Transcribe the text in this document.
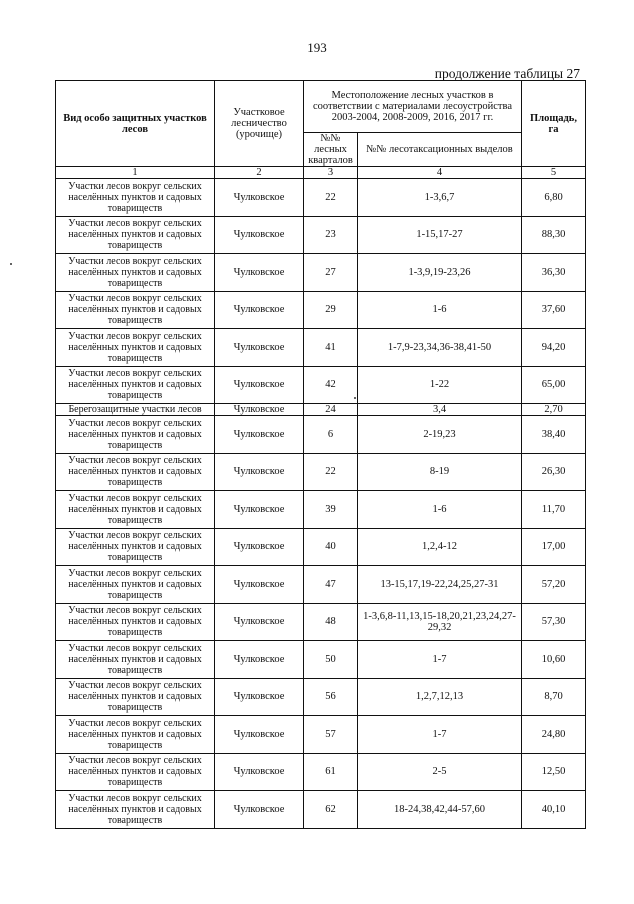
193
продолжение таблицы 27
Вид особо защитных участков лесов	Участковое лесничество (урочище)	Местоположение лесных участков в соответствии с материалами лесоустройства 2003-2004, 2008-2009, 2016, 2017 гг.		Площадь, га
		№№ лесных кварталов	№№ лесотаксационных выделов	
1	2	3	4	5
Участки лесов вокруг сельских населённых пунктов и садовых товариществ	Чулковское	22	1-3,6,7	6,80
Участки лесов вокруг сельских населённых пунктов и садовых товариществ	Чулковское	23	1-15,17-27	88,30
Участки лесов вокруг сельских населённых пунктов и садовых товариществ	Чулковское	27	1-3,9,19-23,26	36,30
Участки лесов вокруг сельских населённых пунктов и садовых товариществ	Чулковское	29	1-6	37,60
Участки лесов вокруг сельских населённых пунктов и садовых товариществ	Чулковское	41	1-7,9-23,34,36-38,41-50	94,20
Участки лесов вокруг сельских населённых пунктов и садовых товариществ	Чулковское	42	1-22	65,00
Берегозащитные участки лесов	Чулковское	24	3,4	2,70
Участки лесов вокруг сельских населённых пунктов и садовых товариществ	Чулковское	6	2-19,23	38,40
Участки лесов вокруг сельских населённых пунктов и садовых товариществ	Чулковское	22	8-19	26,30
Участки лесов вокруг сельских населённых пунктов и садовых товариществ	Чулковское	39	1-6	11,70
Участки лесов вокруг сельских населённых пунктов и садовых товариществ	Чулковское	40	1,2,4-12	17,00
Участки лесов вокруг сельских населённых пунктов и садовых товариществ	Чулковское	47	13-15,17,19-22,24,25,27-31	57,20
Участки лесов вокруг сельских населённых пунктов и садовых товариществ	Чулковское	48	1-3,6,8-11,13,15-18,20,21,23,24,27-29,32	57,30
Участки лесов вокруг сельских населённых пунктов и садовых товариществ	Чулковское	50	1-7	10,60
Участки лесов вокруг сельских населённых пунктов и садовых товариществ	Чулковское	56	1,2,7,12,13	8,70
Участки лесов вокруг сельских населённых пунктов и садовых товариществ	Чулковское	57	1-7	24,80
Участки лесов вокруг сельских населённых пунктов и садовых товариществ	Чулковское	61	2-5	12,50
Участки лесов вокруг сельских населённых пунктов и садовых товариществ	Чулковское	62	18-24,38,42,44-57,60	40,10
